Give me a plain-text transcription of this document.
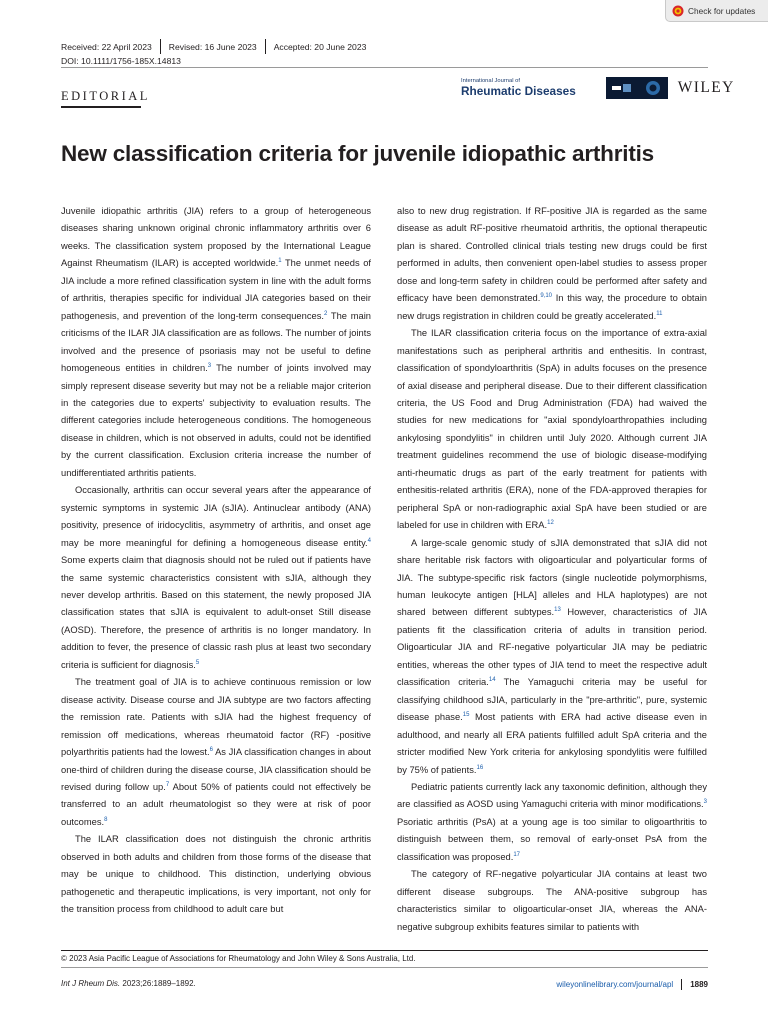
Check for updates
Received: 22 April 2023 Revised: 16 June 2023 Accepted: 20 June 2023
DOI: 10.1111/1756-185X.14813
EDITORIAL
International Journal of
Rheumatic Diseases	WILEY
New classification criteria for juvenile idiopathic arthritis

Juvenile idiopathic arthritis (JIA) refers to a group of heterogeneous diseases sharing unknown original chronic inflammatory arthritis over 6 weeks. The classification system proposed by the International League Against Rheumatism (ILAR) is accepted worldwide.$^1$ The unmet needs of JIA include a more refined classification system in line with the adult forms of arthritis, therapies specific for individual JIA categories based on their pathogenesis, and prevention of the long-term consequences.$^2$ The main criticisms of the ILAR JIA classification are as follows. The number of joints involved and the presence of psoriasis may not be useful to define homogeneous entities in children.$^3$ The number of joints involved may simply represent disease severity but may not be a reliable major criterion in the categories due to experts' subjectivity to evaluation results. The different categories include heterogeneous conditions. The homogeneous disease in children, which is not observed in adults, could not be identified by the current classification. Exclusion criteria increase the number of undifferentiated arthritis patients.

Occasionally, arthritis can occur several years after the appearance of systemic symptoms in systemic JIA (sJIA). Antinuclear antibody (ANA) positivity, presence of iridocyclitis, asymmetry of arthritis, and onset age may be more meaningful for defining a homogeneous disease entity.$^4$ Some experts claim that diagnosis should not be ruled out if patients have the same systemic characteristics consistent with sJIA, although they never develop arthritis. Based on this statement, the newly proposed JIA classification states that sJIA is equivalent to adult-onset Still disease (AOSD). Therefore, the presence of arthritis is no longer mandatory. In addition to fever, the presence of classic rash plus at least two secondary criteria is sufficient for diagnosis.$^5$

The treatment goal of JIA is to achieve continuous remission or low disease activity. Disease course and JIA subtype are two factors affecting the remission rate. Patients with sJIA had the highest frequency of remission off medications, whereas rheumatoid factor (RF) -positive polyarthritis patients had the lowest.$^6$ As JIA classification changes in about one-third of children during the disease course, JIA classification should be revised during follow up.$^7$ About 50% of patients could not effectively be transferred to an adult rheumatologist so they were at risk of poor outcomes.$^8$

The ILAR classification does not distinguish the chronic arthritis observed in both adults and children from those forms of the disease that may be unique to childhood. This distinction, underlying obvious pathogenetic and therapeutic implications, is very important, not only for the transition process from childhood to adult care but

also to new drug registration. If RF-positive JIA is regarded as the same disease as adult RF-positive rheumatoid arthritis, the optional therapeutic plan is shared. Controlled clinical trials testing new drugs could be first performed in adults, then convenient open-label studies to assess proper dose and long-term safety in children could be performed after safety and efficacy have been demonstrated.$^{9,10}$ In this way, the procedure to obtain new drugs registration in children could be greatly accelerated.$^{11}$

The ILAR classification criteria focus on the importance of extra-axial manifestations such as peripheral arthritis and enthesitis. In contrast, classification of spondyloarthritis (SpA) in adults focuses on the presence of axial disease and peripheral disease. Due to their different classification criteria, the US Food and Drug Administration (FDA) had waived the studies for new medications for "axial spondyloarthropathies including ankylosing spondylitis" in children until July 2020. Although current JIA treatment guidelines recommend the use of biologic disease-modifying anti-rheumatic drugs as part of the early treatment for patients with enthesitis-related arthritis (ERA), none of the FDA-approved therapies for peripheral SpA or non-radiographic axial SpA have been studied or are labeled for use in children with ERA.$^{12}$

A large-scale genomic study of sJIA demonstrated that sJIA did not share heritable risk factors with oligoarticular and polyarticular forms of JIA. The subtype-specific risk factors (single nucleotide polymorphisms, human leukocyte antigen [HLA] alleles and HLA haplotypes) are not shared between different subtypes.$^{13}$ However, characteristics of JIA patients fit the classification criteria of adults in transition period. Oligoarticular JIA and RF-negative polyarticular JIA may be pediatric entities, whereas the other types of JIA tend to meet the respective adult classification criteria.$^{14}$ The Yamaguchi criteria may be useful for classifying childhood sJIA, particularly in the "pre-arthritic", pure, systemic disease phase.$^{15}$ Most patients with ERA had active disease even in adulthood, and nearly all ERA patients fulfilled adult SpA criteria and the stricter modified New York criteria for ankylosing spondylitis were fulfilled by 75% of patients.$^{16}$

Pediatric patients currently lack any taxonomic definition, although they are classified as AOSD using Yamaguchi criteria with minor modifications.$^3$ Psoriatic arthritis (PsA) at a young age is too similar to oligoarthritis to distinguish between them, so removal of early-onset PsA from the classification was proposed.$^{17}$

The category of RF-negative polyarticular JIA contains at least two different disease subgroups. The ANA-positive subgroup has characteristics similar to oligoarticular-onset JIA, whereas the ANA-negative subgroup exhibits features similar to patients with

© 2023 Asia Pacific League of Associations for Rheumatology and John Wiley & Sons Australia, Ltd.
Int J Rheum Dis. 2023;26:1889–1892.	wileyonlinelibrary.com/journal/apl 1889
